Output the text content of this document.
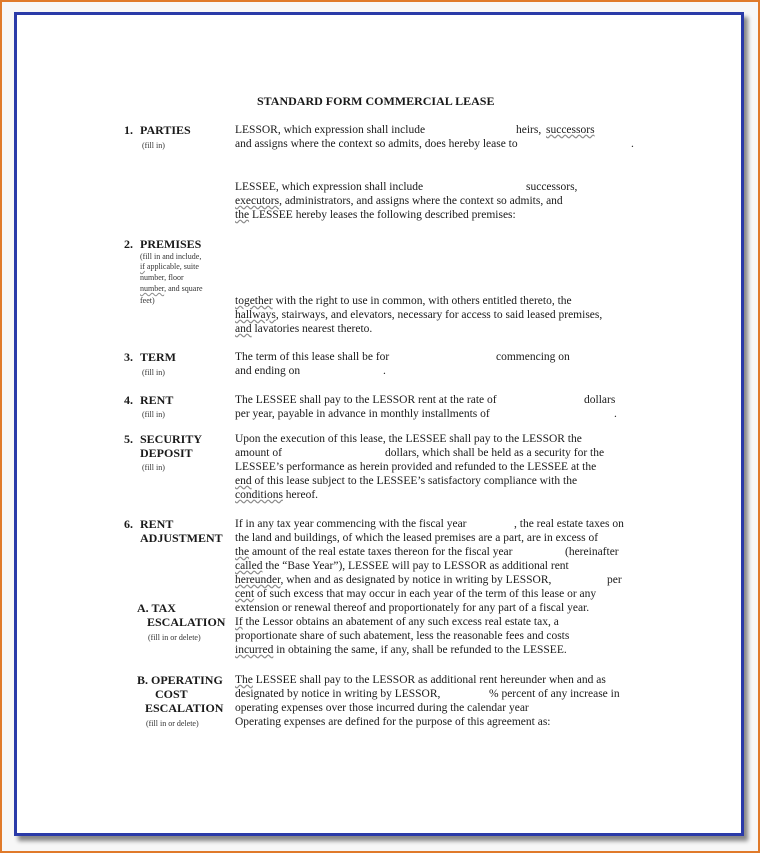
STANDARD FORM COMMERCIAL LEASE
1. PARTIES
(fill in)
LESSOR, which expression shall include	heirs, successors
and assigns where the context so admits, does hereby lease to	.
LESSEE, which expression shall include	successors,
executors, administrators, and assigns where the context so admits, and
the LESSEE hereby leases the following described premises:
2. PREMISES
(fill in and include,
if applicable, suite
number, floor
number, and square
feet)	together with the right to use in common, with others entitled thereto, the
hallways, stairways, and elevators, necessary for access to said leased premises,
and lavatories nearest thereto.
3. TERM
(fill in)
The term of this lease shall be for	commencing on
and ending on	.
4. RENT
(fill in)
The LESSEE shall pay to the LESSOR rent at the rate of	dollars
per year, payable in advance in monthly installments of	.
5. SECURITY
DEPOSIT
(fill in)
Upon the execution of this lease, the LESSEE shall pay to the LESSOR the
amount of	dollars, which shall be held as a security for the
LESSEE’s performance as herein provided and refunded to the LESSEE at the
end of this lease subject to the LESSEE’s satisfactory compliance with the
conditions hereof.
6. RENT
ADJUSTMENT
If in any tax year commencing with the fiscal year	, the real estate taxes on
the land and buildings, of which the leased premises are a part, are in excess of
the amount of the real estate taxes thereon for the fiscal year	(hereinafter
called the “Base Year”), LESSEE will pay to LESSOR as additional rent
hereunder, when and as designated by notice in writing by LESSOR,	per
cent of such excess that may occur in each year of the term of this lease or any
extension or renewal thereof and proportionately for any part of a fiscal year.
A. TAX
ESCALATION
(fill in or delete)
If the Lessor obtains an abatement of any such excess real estate tax, a
proportionate share of such abatement, less the reasonable fees and costs
incurred in obtaining the same, if any, shall be refunded to the LESSEE.
B. OPERATING
COST
ESCALATION
(fill in or delete)
The LESSEE shall pay to the LESSOR as additional rent hereunder when and as
designated by notice in writing by LESSOR,	% percent of any increase in
operating expenses over those incurred during the calendar year
Operating expenses are defined for the purpose of this agreement as:
